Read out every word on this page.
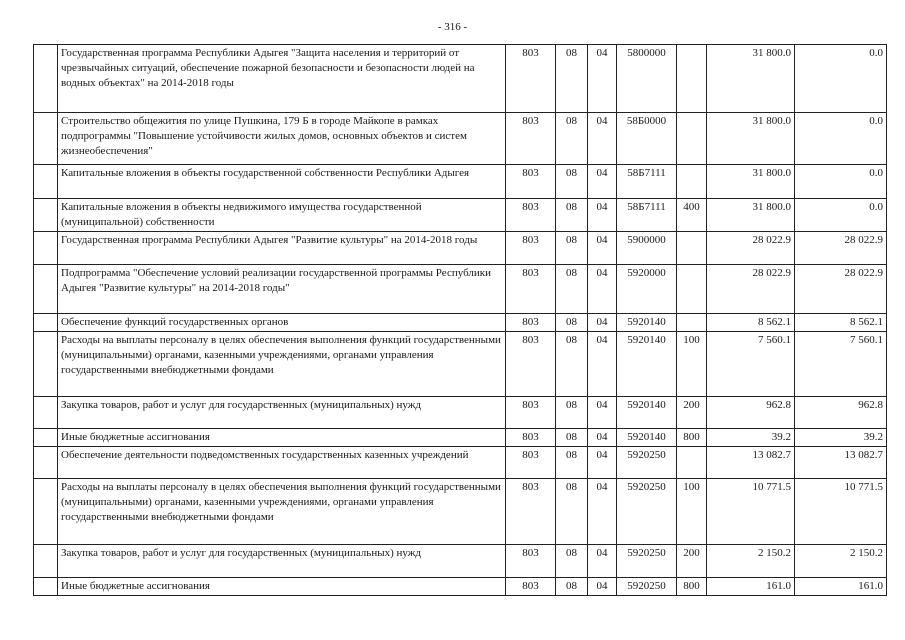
- 316 -
	Государственная программа Республики Адыгея "Защита населения и территорий от чрезвычайных ситуаций, обеспечение пожарной безопасности и безопасности людей на водных объектах" на 2014-2018 годы	803	08	04	5800000		31 800.0	0.0
	Строительство общежития по улице Пушкина, 179 Б в городе Майкопе в рамках подпрограммы "Повышение устойчивости жилых домов, основных объектов и систем жизнеобеспечения"	803	08	04	58Б0000		31 800.0	0.0
	Капитальные вложения в объекты государственной собственности Республики Адыгея	803	08	04	58Б7111		31 800.0	0.0
	Капитальные вложения в объекты недвижимого имущества государственной (муниципальной) собственности	803	08	04	58Б7111	400	31 800.0	0.0
	Государственная программа Республики Адыгея "Развитие культуры" на 2014-2018 годы	803	08	04	5900000		28 022.9	28 022.9
	Подпрограмма "Обеспечение условий реализации государственной программы Республики Адыгея "Развитие культуры" на 2014-2018 годы"	803	08	04	5920000		28 022.9	28 022.9
	Обеспечение функций государственных органов	803	08	04	5920140		8 562.1	8 562.1
	Расходы на выплаты персоналу в целях обеспечения выполнения функций государственными (муниципальными) органами, казенными учреждениями, органами управления государственными внебюджетными фондами	803	08	04	5920140	100	7 560.1	7 560.1
	Закупка товаров, работ и услуг для государственных (муниципальных) нужд	803	08	04	5920140	200	962.8	962.8
	Иные бюджетные ассигнования	803	08	04	5920140	800	39.2	39.2
	Обеспечение деятельности подведомственных государственных казенных учреждений	803	08	04	5920250		13 082.7	13 082.7
	Расходы на выплаты персоналу в целях обеспечения выполнения функций государственными (муниципальными) органами, казенными учреждениями, органами управления государственными внебюджетными фондами	803	08	04	5920250	100	10 771.5	10 771.5
	Закупка товаров, работ и услуг для государственных (муниципальных) нужд	803	08	04	5920250	200	2 150.2	2 150.2
	Иные бюджетные ассигнования	803	08	04	5920250	800	161.0	161.0
